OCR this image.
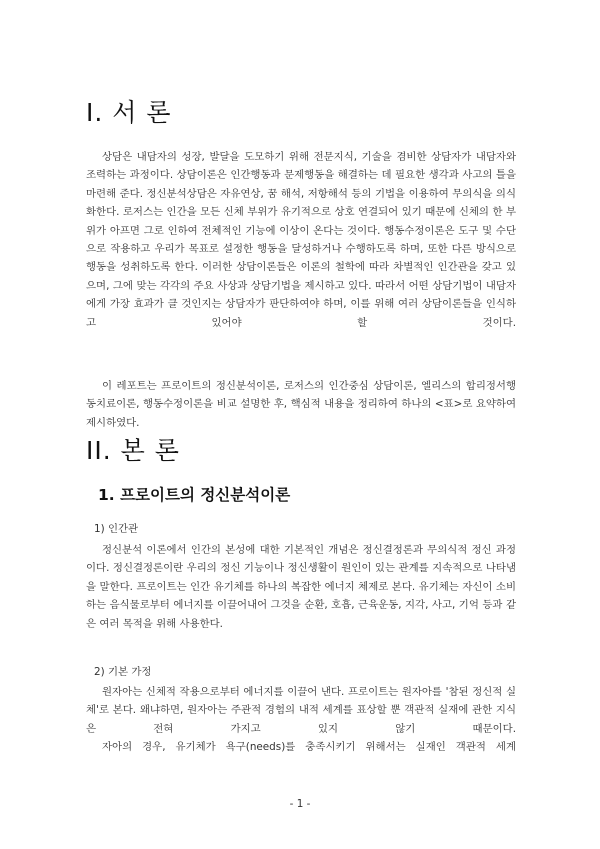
I. 서 론

상담은 내담자의 성장, 발달을 도모하기 위해 전문지식, 기술을 겸비한 상담자가 내담자와 조력하는 과정이다. 상담이론은 인간행동과 문제행동을 해결하는 데 필요한 생각과 사고의 틀을 마련해 준다. 정신분석상담은 자유연상, 꿈 해석, 저항해석 등의 기법을 이용하여 무의식을 의식화한다. 로저스는 인간을 모든 신체 부위가 유기적으로 상호 연결되어 있기 때문에 신체의 한 부위가 아프면 그로 인하여 전체적인 기능에 이상이 온다는 것이다. 행동수정이론은 도구 및 수단으로 작용하고 우리가 목표로 설정한 행동을 달성하거나 수행하도록 하며, 또한 다른 방식으로 행동을 성취하도록 한다. 이러한 상담이론들은 이론의 철학에 따라 차별적인 인간관을 갖고 있으며, 그에 맞는 각각의 주요 사상과 상담기법을 제시하고 있다. 따라서 어떤 상담기법이 내담자에게 가장 효과가 클 것인지는 상담자가 판단하여야 하며, 이를 위해 여러 상담이론들을 인식하고 있어야 할 것이다.

이 레포트는 프로이트의 정신분석이론, 로저스의 인간중심 상담이론, 엘리스의 합리정서행동치료이론, 행동수정이론을 비교 설명한 후, 핵심적 내용을 정리하여 하나의 <표>로 요약하여 제시하였다.

II. 본 론
1. 프로이트의 정신분석이론

1) 인간관

정신분석 이론에서 인간의 본성에 대한 기본적인 개념은 정신결정론과 무의식적 정신 과정이다. 정신결정론이란 우리의 정신 기능이나 정신생활이 원인이 있는 관계를 지속적으로 나타냄을 말한다. 프로이트는 인간 유기체를 하나의 복잡한 에너지 체제로 본다. 유기체는 자신이 소비하는 음식물로부터 에너지를 이끌어내어 그것을 순환, 호흡, 근육운동, 지각, 사고, 기억 등과 같은 여러 목적을 위해 사용한다.

2) 기본 가정

원자아는 신체적 작용으로부터 에너지를 이끌어 낸다. 프로이트는 원자아를 '참된 정신적 실체'로 본다. 왜냐하면, 원자아는 주관적 경험의 내적 세계를 표상할 뿐 객관적 실재에 관한 지식은 전혀 가지고 있지 않기 때문이다.

자아의 경우, 유기체가 욕구(needs)를 충족시키기 위해서는 실재인 객관적 세계

- 1 -
